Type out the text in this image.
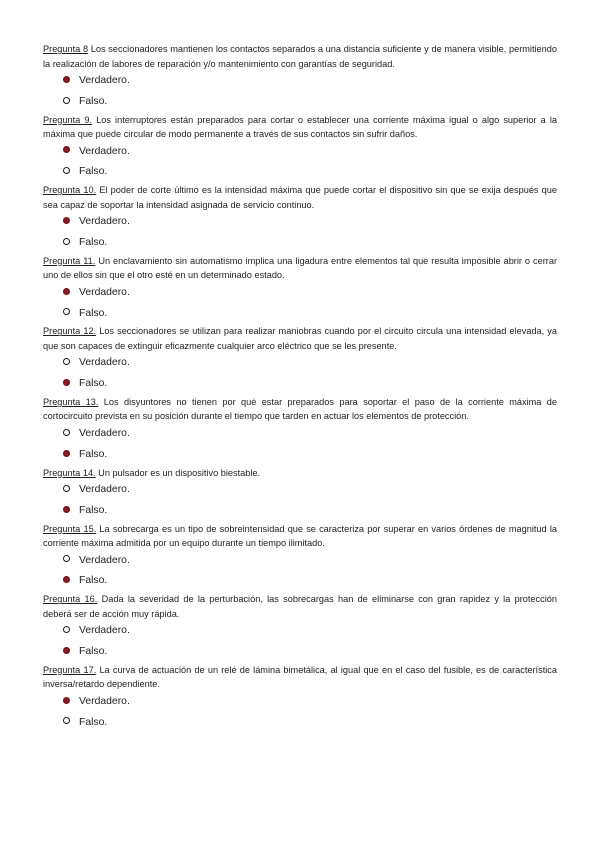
Pregunta 8 Los seccionadores mantienen los contactos separados a una distancia suficiente y de manera visible, permitiendo la realización de labores de reparación y/o mantenimiento con garantías de seguridad.

Verdadero.
Falso.

Pregunta 9. Los interruptores están preparados para cortar o establecer una corriente máxima igual o algo superior a la máxima que puede circular de modo permanente a través de sus contactos sin sufrir daños.

Verdadero.
Falso.

Pregunta 10. El poder de corte último es la intensidad máxima que puede cortar el dispositivo sin que se exija después que sea capaz de soportar la intensidad asignada de servicio continuo.

Verdadero.
Falso.

Pregunta 11. Un enclavamiento sin automatismo implica una ligadura entre elementos tal que resulta imposible abrir o cerrar uno de ellos sin que el otro esté en un determinado estado.

Verdadero.
Falso.

Pregunta 12. Los seccionadores se utilizan para realizar maniobras cuando por el circuito circula una intensidad elevada, ya que son capaces de extinguir eficazmente cualquier arco eléctrico que se les presente.

Verdadero.
Falso.

Pregunta 13. Los disyuntores no tienen por qué estar preparados para soportar el paso de la corriente máxima de cortocircuito prevista en su posición durante el tiempo que tarden en actuar los elementos de protección.

Verdadero.
Falso.

Pregunta 14. Un pulsador es un dispositivo biestable.

Verdadero.
Falso.

Pregunta 15. La sobrecarga es un tipo de sobreintensidad que se caracteriza por superar en varios órdenes de magnitud la corriente máxima admitida por un equipo durante un tiempo ilimitado.

Verdadero.
Falso.

Pregunta 16. Dada la severidad de la perturbación, las sobrecargas han de eliminarse con gran rapidez y la protección deberá ser de acción muy rápida.

Verdadero.
Falso.

Pregunta 17. La curva de actuación de un relé de lámina bimetálica, al igual que en el caso del fusible, es de característica inversa/retardo dependiente.

Verdadero.
Falso.
